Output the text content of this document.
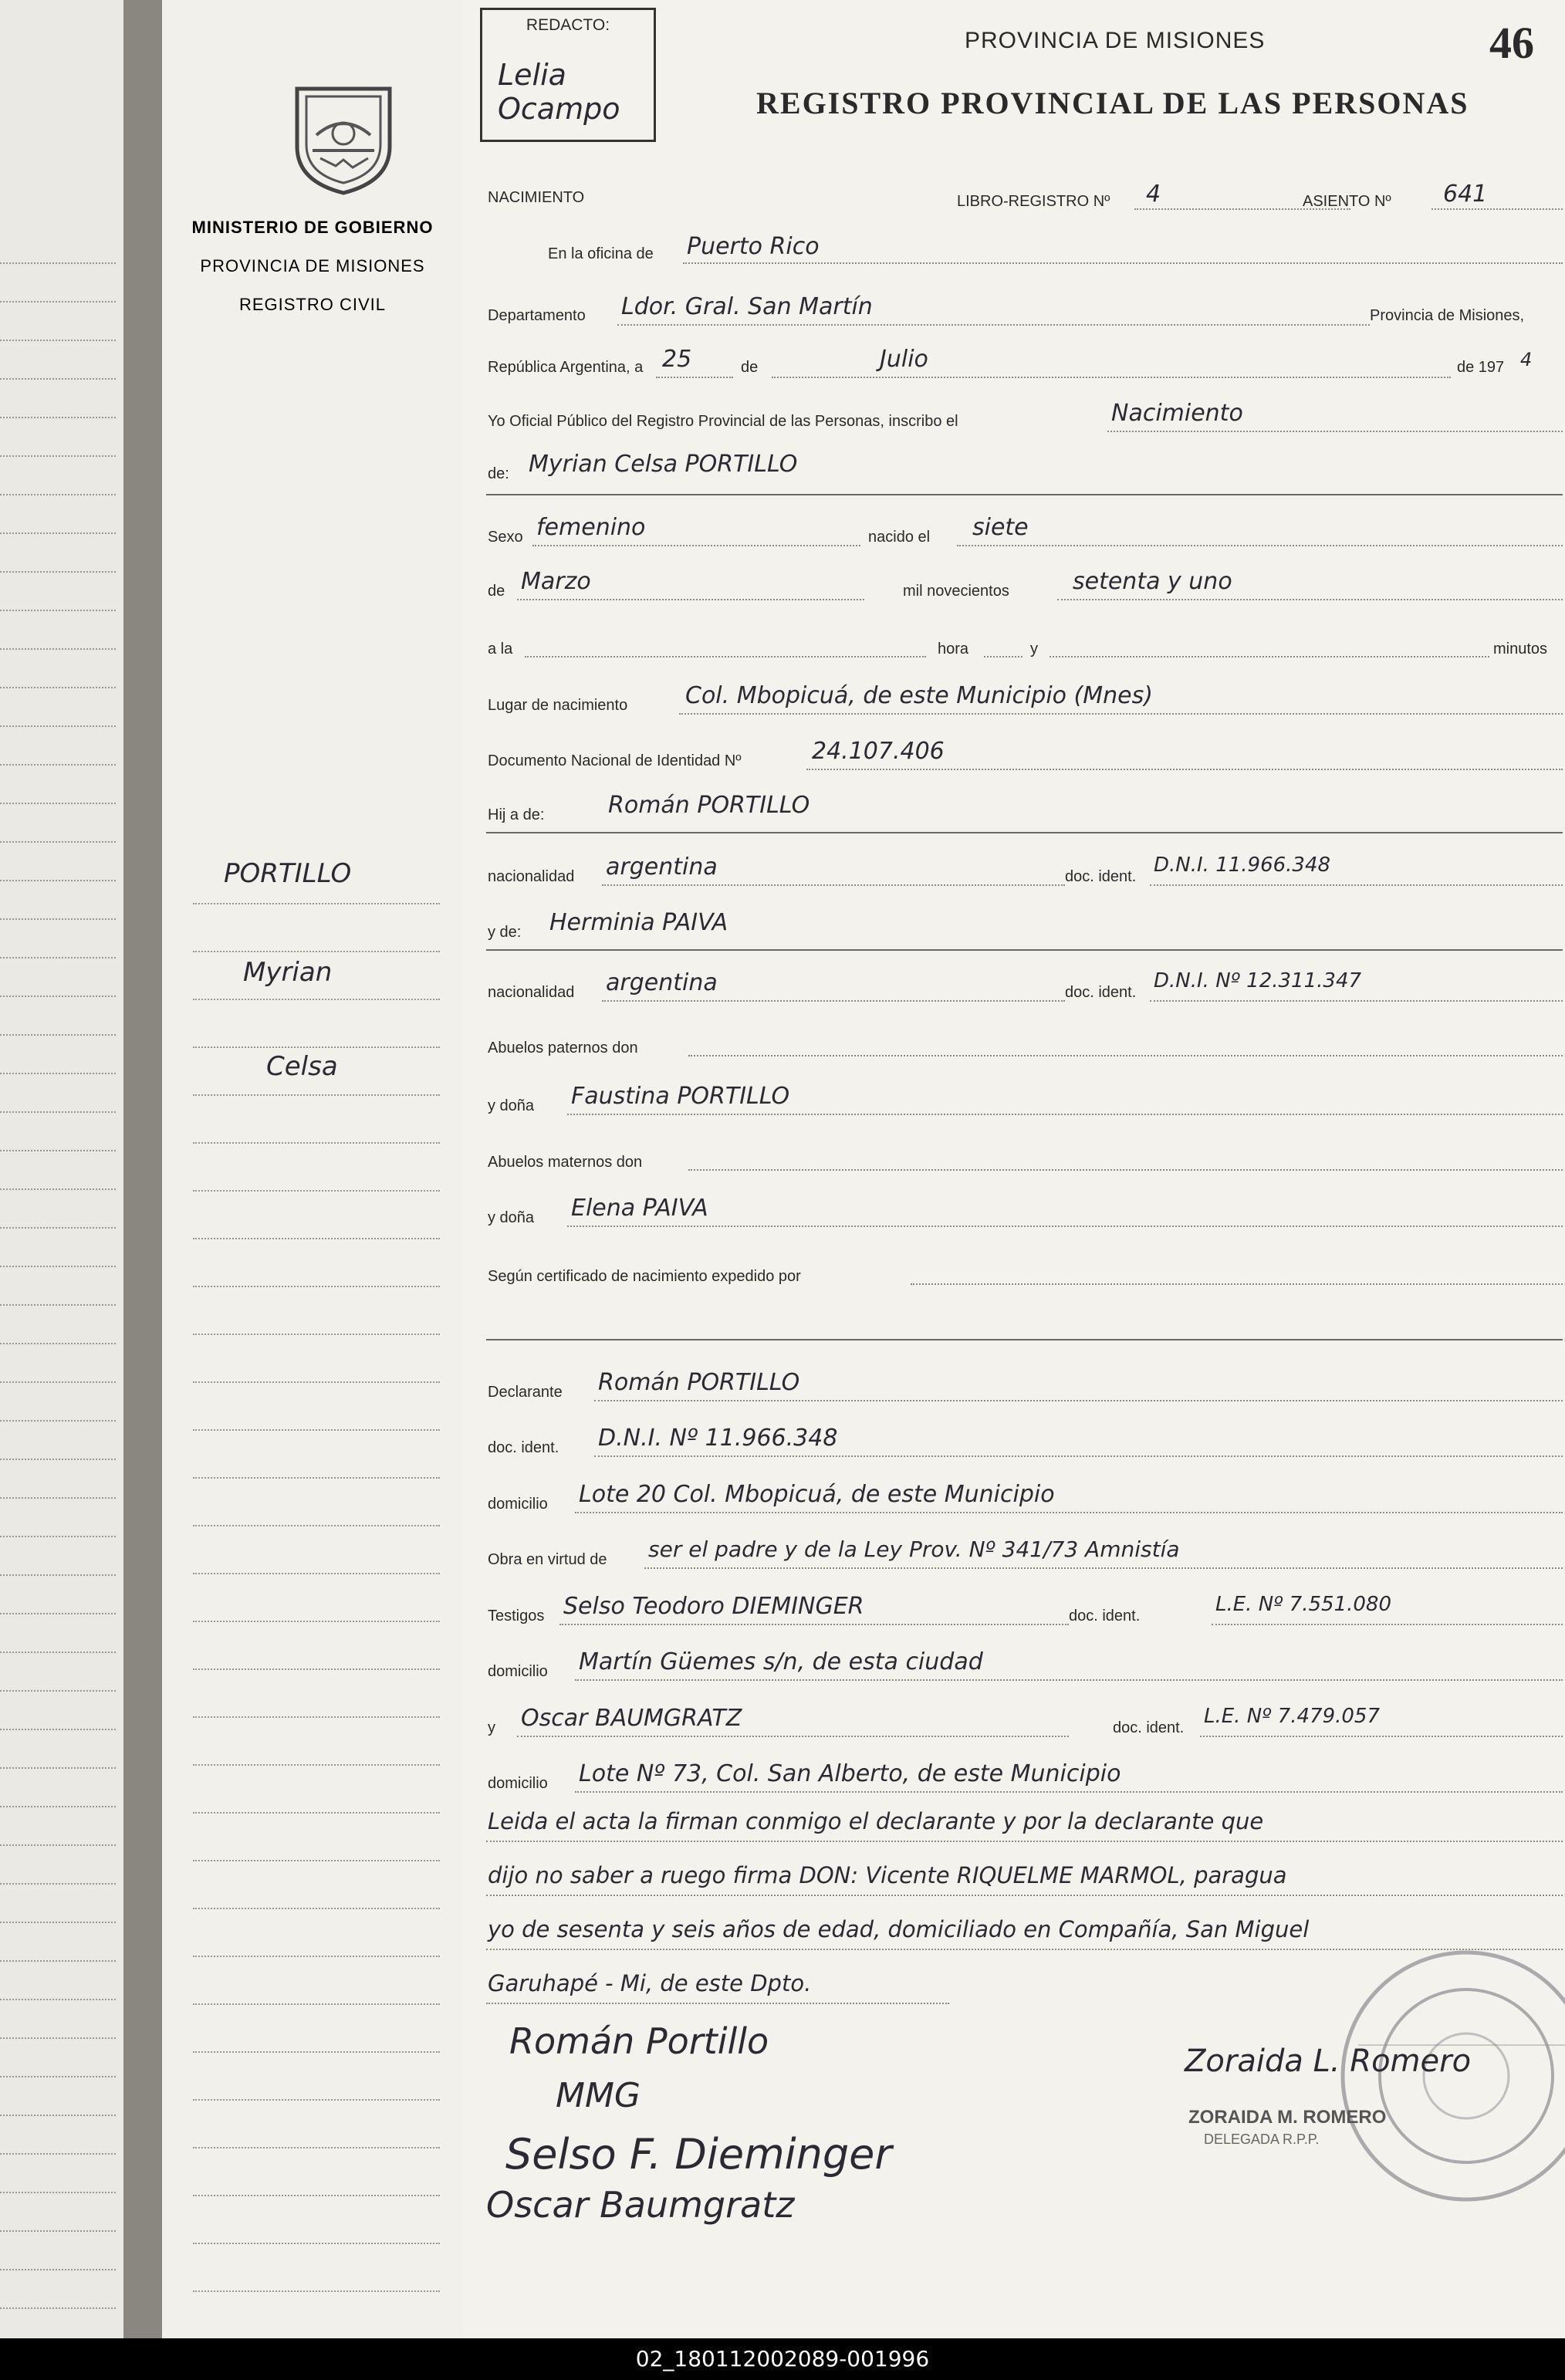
MINISTERIO DE GOBIERNO
PROVINCIA DE MISIONES
REGISTRO CIVIL
PORTILLO
Myrian
Celsa
REDACTO:
Lelia Ocampo
PROVINCIA DE MISIONES
REGISTRO PROVINCIAL DE LAS PERSONAS
46
NACIMIENTO	LIBRO-REGISTRO Nº 4	ASIENTO Nº 641
En la oficina de Puerto Rico
Departamento Ldor. Gral. San Martín	Provincia de Misiones,
República Argentina, a 25	de	Julio	de 197 4
Yo Oficial Público del Registro Provincial de las Personas, inscribo el	Nacimiento
de: Myrian Celsa PORTILLO
Sexo femenino	nacido el siete
de Marzo	mil novecientos	setenta y uno
a la	hora	y	minutos
Lugar de nacimiento Col. Mbopicuá, de este Municipio (Mnes)
Documento Nacional de Identidad Nº	24.107.406
Hij a de:	Román PORTILLO
nacionalidad argentina	doc. ident. D.N.I. 11.966.348
y de: Herminia PAIVA
nacionalidad argentina	doc. ident. D.N.I. Nº 12.311.347
Abuelos paternos don
y doña Faustina PORTILLO
Abuelos maternos don
y doña Elena PAIVA
Según certificado de nacimiento expedido por
Declarante Román PORTILLO
doc. ident. D.N.I. Nº 11.966.348
domicilio Lote 20 Col. Mbopicuá, de este Municipio
Obra en virtud de ser el padre y de la Ley Prov. Nº 341/73 Amnistía
Testigos Selso Teodoro DIEMINGER	doc. ident.	L.E. Nº 7.551.080
domicilio Martín Güemes s/n, de esta ciudad
y Oscar BAUMGRATZ	doc. ident. L.E. Nº 7.479.057
domicilio Lote Nº 73, Col. San Alberto, de este Municipio
Leida el acta la firman conmigo el declarante y por la declarante que
dijo no saber a ruego firma DON: Vicente RIQUELME MARMOL, paragua
yo de sesenta y seis años de edad, domiciliado en Compañía, San Miguel
Garuhapé - Mi, de este Dpto.
Román Portillo
MMG
Selso F. Dieminger
Oscar Baumgratz
Zoraida L. Romero
ZORAIDA M. ROMERO
DELEGADA R.P.P.
02_180112002089-001996
